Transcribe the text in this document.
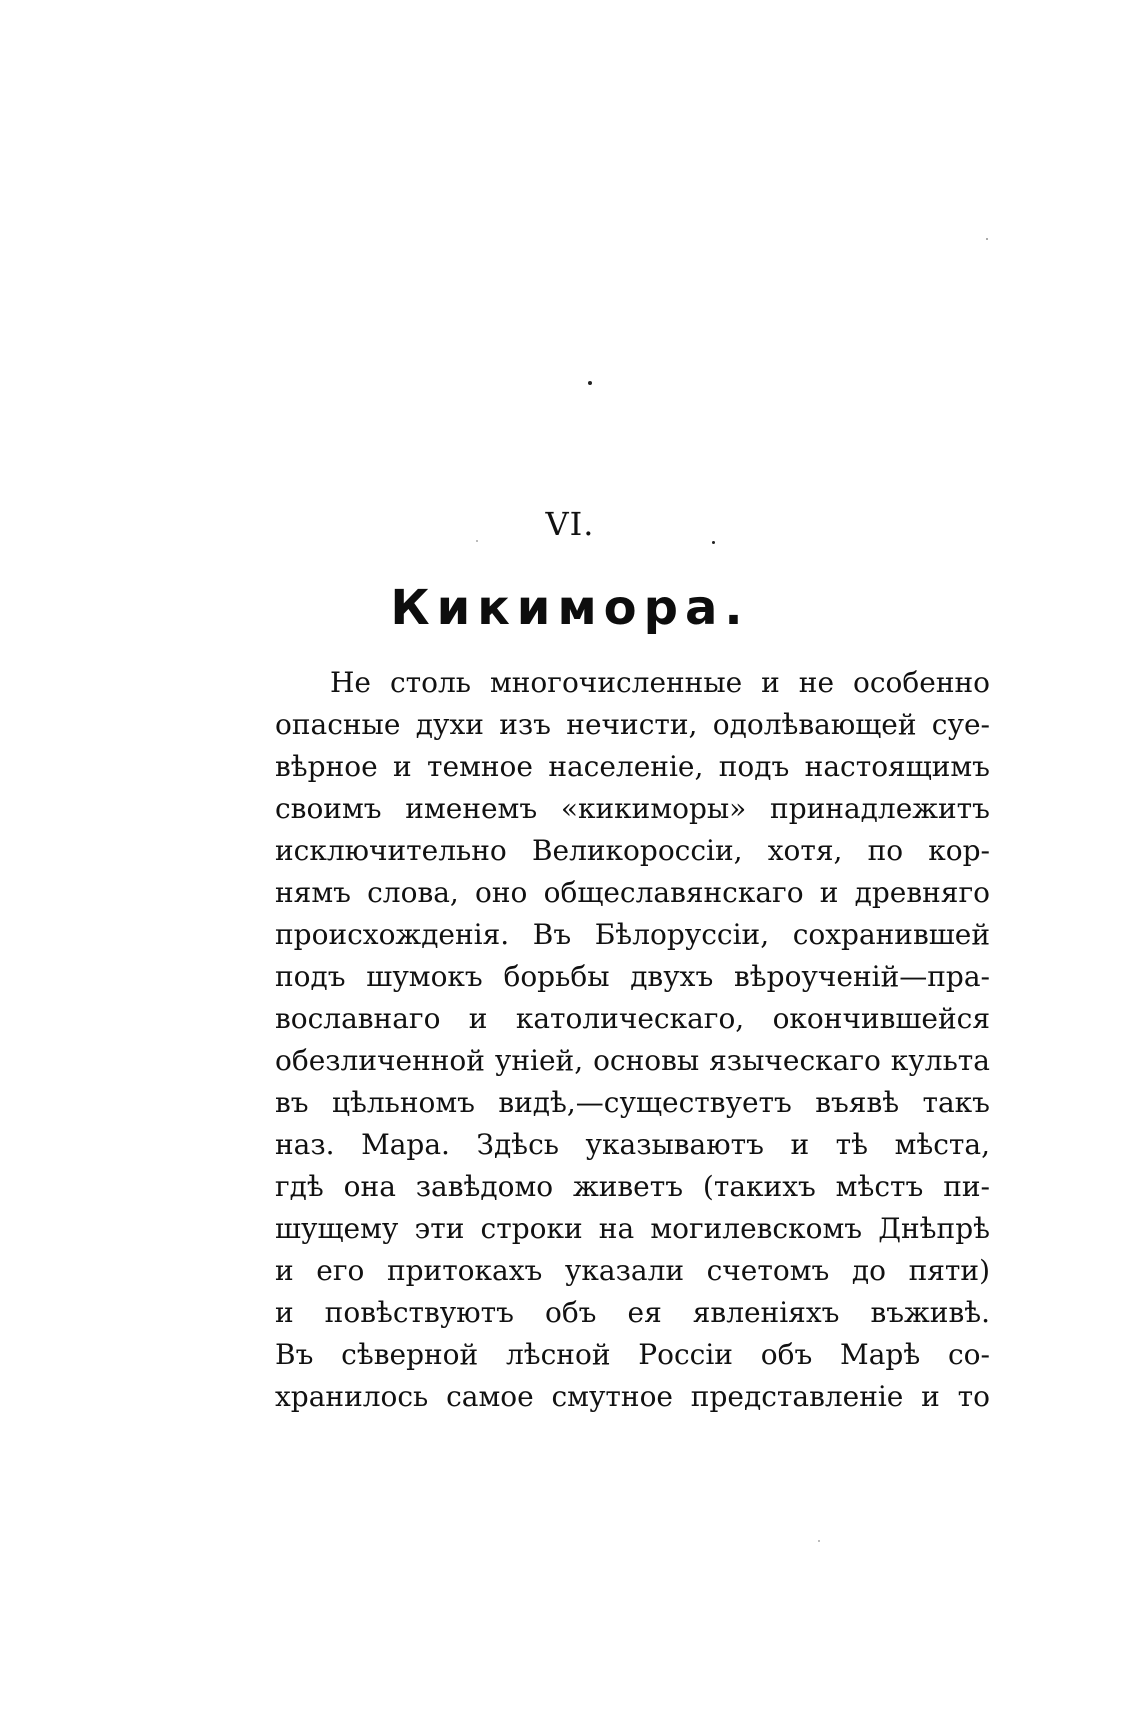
VI.
Кикимора.
Не столь многочисленные и не особенно
опасные духи изъ нечисти, одолѣвающей суе-
вѣрное и темное населеніе, подъ настоящимъ
своимъ именемъ «кикиморы» принадлежитъ
исключительно Великороссіи, хотя, по кор-
нямъ слова, оно общеславянскаго и древняго
происхожденія. Въ Бѣлоруссіи, сохранившей
подъ шумокъ борьбы двухъ вѣроученій—пра-
вославнаго и католическаго, окончившейся
обезличенной уніей, основы языческаго культа
въ цѣльномъ видѣ,—существуетъ въявѣ такъ
наз. Мара. Здѣсь указываютъ и тѣ мѣста,
гдѣ она завѣдомо живетъ (такихъ мѣстъ пи-
шущему эти строки на могилевскомъ Днѣпрѣ
и его притокахъ указали счетомъ до пяти)
и повѣствуютъ объ ея явленіяхъ въживѣ.
Въ сѣверной лѣсной Россіи объ Марѣ со-
хранилось самое смутное представленіе и то
